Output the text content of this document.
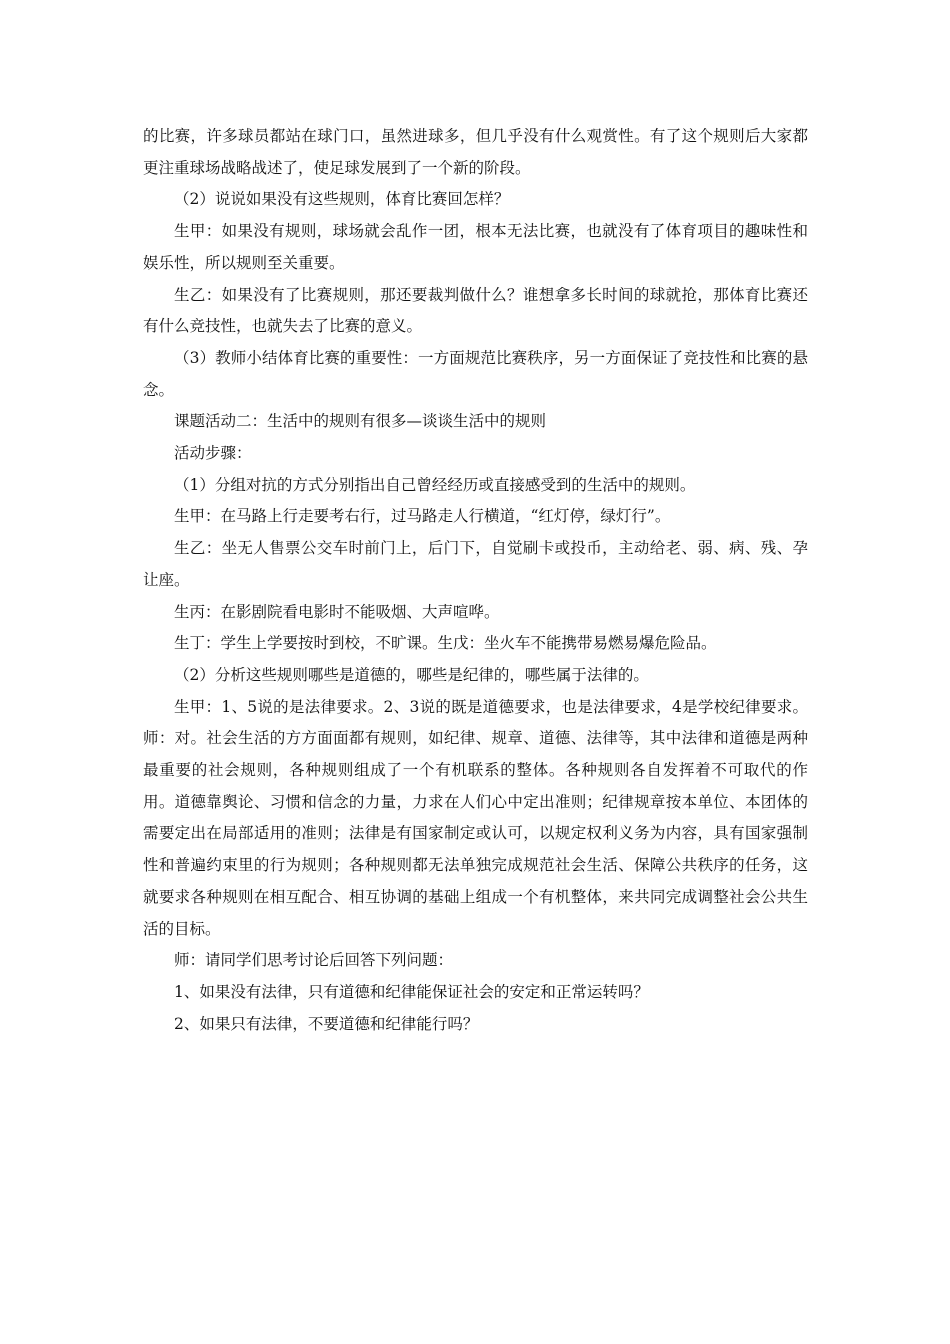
的比赛，许多球员都站在球门口，虽然进球多，但几乎没有什么观赏性。有了这个规则后大家都更注重球场战略战述了，使足球发展到了一个新的阶段。

（2）说说如果没有这些规则，体育比赛回怎样？

生甲：如果没有规则，球场就会乱作一团，根本无法比赛，也就没有了体育项目的趣味性和娱乐性，所以规则至关重要。

生乙：如果没有了比赛规则，那还要裁判做什么？谁想拿多长时间的球就抢，那体育比赛还有什么竞技性，也就失去了比赛的意义。

（3）教师小结体育比赛的重要性：一方面规范比赛秩序，另一方面保证了竞技性和比赛的悬念。

课题活动二：生活中的规则有很多—谈谈生活中的规则

活动步骤：

（1）分组对抗的方式分别指出自己曾经经历或直接感受到的生活中的规则。

生甲：在马路上行走要考右行，过马路走人行横道，“红灯停，绿灯行”。

生乙：坐无人售票公交车时前门上，后门下，自觉刷卡或投币，主动给老、弱、病、残、孕让座。

生丙：在影剧院看电影时不能吸烟、大声喧哗。

生丁：学生上学要按时到校，不旷课。生戊：坐火车不能携带易燃易爆危险品。

（2）分析这些规则哪些是道德的，哪些是纪律的，哪些属于法律的。

生甲：1、5说的是法律要求。2、3说的既是道德要求，也是法律要求，4是学校纪律要求。师：对。社会生活的方方面面都有规则，如纪律、规章、道德、法律等，其中法律和道德是两种最重要的社会规则，各种规则组成了一个有机联系的整体。各种规则各自发挥着不可取代的作用。道德靠舆论、习惯和信念的力量，力求在人们心中定出准则；纪律规章按本单位、本团体的需要定出在局部适用的准则；法律是有国家制定或认可，以规定权利义务为内容，具有国家强制性和普遍约束里的行为规则；各种规则都无法单独完成规范社会生活、保障公共秩序的任务，这就要求各种规则在相互配合、相互协调的基础上组成一个有机整体，来共同完成调整社会公共生活的目标。

师：请同学们思考讨论后回答下列问题：

1、如果没有法律，只有道德和纪律能保证社会的安定和正常运转吗？

2、如果只有法律，不要道德和纪律能行吗？
